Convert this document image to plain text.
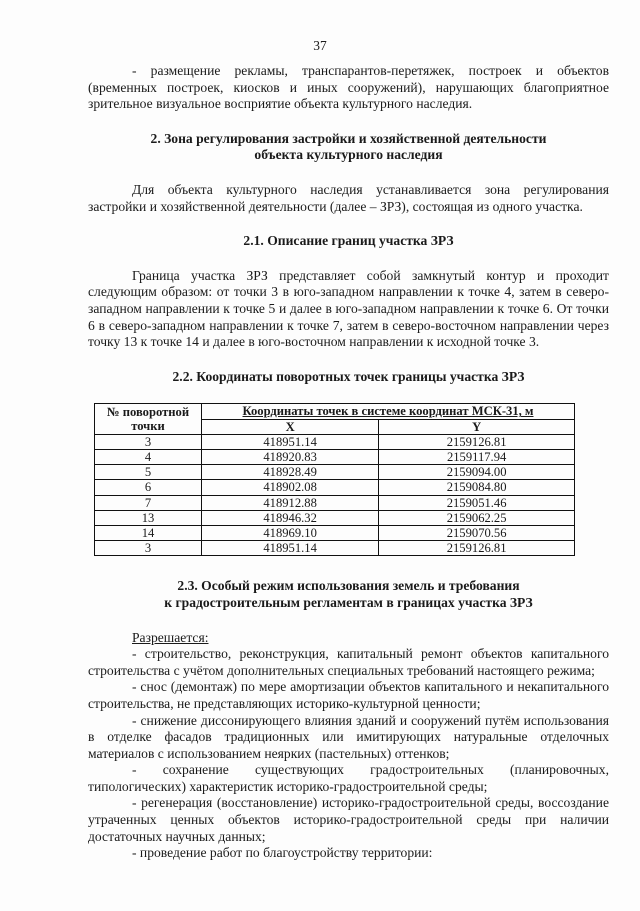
37

- размещение рекламы, транспарантов-перетяжек, построек и объектов (временных построек, киосков и иных сооружений), нарушающих благоприятное зрительное визуальное восприятие объекта культурного наследия.

2. Зона регулирования застройки и хозяйственной деятельности

объекта культурного наследия

Для объекта культурного наследия устанавливается зона регулирования застройки и хозяйственной деятельности (далее – ЗРЗ), состоящая из одного участка.

2.1. Описание границ участка ЗРЗ

Граница участка ЗРЗ представляет собой замкнутый контур и проходит следующим образом: от точки 3 в юго-западном направлении к точке 4, затем в северо-западном направлении к точке 5 и далее в юго-западном направлении к точке 6. От точки 6 в северо-западном направлении к точке 7, затем в северо-восточном направлении через точку 13 к точке 14 и далее в юго-восточном направлении к исходной точке 3.

2.2. Координаты поворотных точек границы участка ЗРЗ

№ поворотной
точки	Координаты точек в системе координат МСК-31, м	
	X	Y
3	418951.14	2159126.81
4	418920.83	2159117.94
5	418928.49	2159094.00
6	418902.08	2159084.80
7	418912.88	2159051.46
13	418946.32	2159062.25
14	418969.10	2159070.56
3	418951.14	2159126.81

2.3. Особый режим использования земель и требования

к градостроительным регламентам в границах участка ЗРЗ

Разрешается:

- строительство, реконструкция, капитальный ремонт объектов капитального строительства с учётом дополнительных специальных требований настоящего режима;

- снос (демонтаж) по мере амортизации объектов капитального и некапитального строительства, не представляющих историко-культурной ценности;

- снижение диссонирующего влияния зданий и сооружений путём использования в отделке фасадов традиционных или имитирующих натуральные отделочных материалов с использованием неярких (пастельных) оттенков;

- сохранение существующих градостроительных (планировочных, типологических) характеристик историко-градостроительной среды;

- регенерация (восстановление) историко-градостроительной среды, воссоздание утраченных ценных объектов историко-градостроительной среды при наличии достаточных научных данных;

- проведение работ по благоустройству территории:
